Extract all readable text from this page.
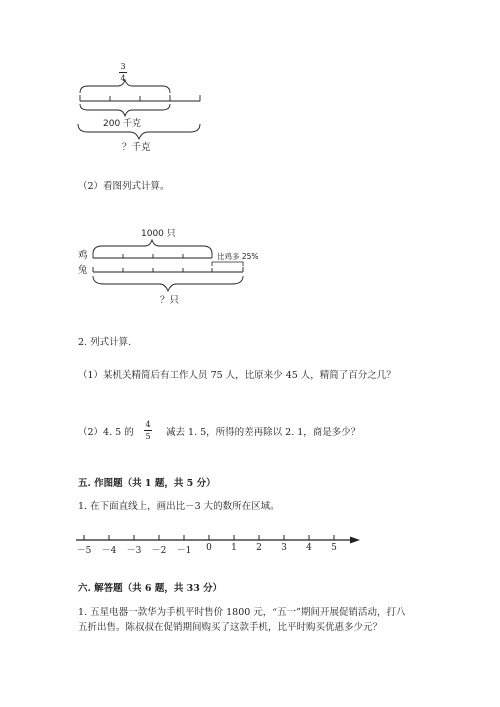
3
4
200 千克
？千克
（2）看图列式计算。
1000 只
鸡
兔
比鸡多 25%
？只
2. 列式计算.
（1）某机关精简后有工作人员 75 人，比原来少 45 人，精简了百分之几？
（2）4. 5 的
4
5 减去 1. 5，所得的差再除以 2. 1，商是多少？
五. 作图题（共 1 题，共 5 分）
1. 在下面直线上，画出比－3 大的数所在区域。
－5 －4 －3 －2 －1 0 1 2 3 4 5
六. 解答题（共 6 题，共 33 分）
1. 五星电器一款华为手机平时售价 1800 元，“五一”期间开展促销活动，打八
五折出售。陈叔叔在促销期间购买了这款手机，比平时购买优惠多少元？
